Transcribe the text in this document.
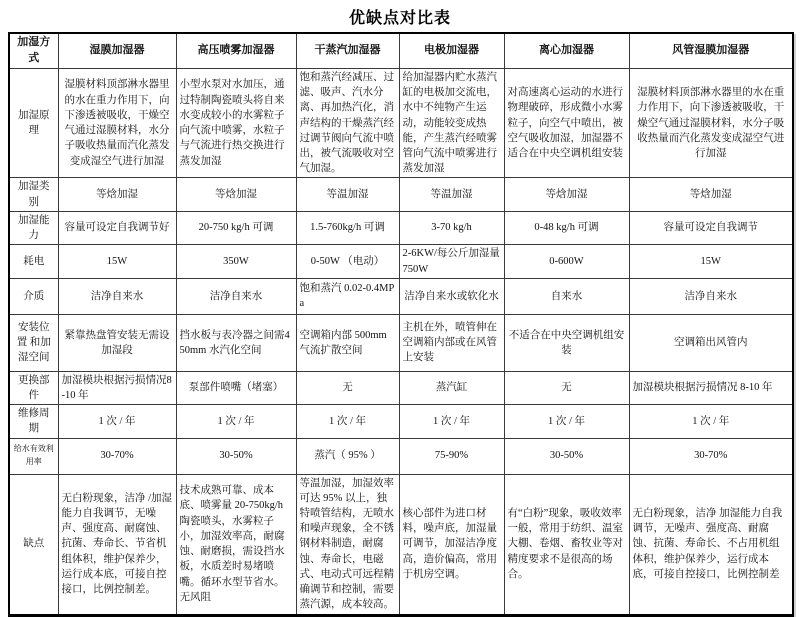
优缺点对比表
加湿方式	湿膜加湿器	高压喷雾加湿器	干蒸汽加湿器	电极加湿器	离心加湿器	风管湿膜加湿器
加湿原理	湿膜材料顶部淋水器里的水在重力作用下，向下渗透被吸收，干燥空气通过湿膜材料，水分子吸收热量而汽化蒸发变成湿空气进行加湿	小型水泵对水加压，通过特制陶瓷喷头将自来水变成较小的水雾粒子向气流中喷雾，水粒子与气流进行热交换进行蒸发加湿	饱和蒸汽经减压、过滤、吸声、汽水分离、再加热汽化，消声结构的干燥蒸汽经过调节阀向气流中喷出，被气流吸收对空气加湿。	给加湿器内贮水蒸汽缸的电极加交流电，水中不纯物产生运动，动能较变成热能，产生蒸汽经喷雾管向气流中喷雾进行蒸发加湿	对高速离心运动的水进行物理破碎，形成微小水雾粒子，向空气中喷出，被空气吸收加湿，加湿器不适合在中央空调机组安装	湿膜材料顶部淋水器里的水在重力作用下，向下渗透被吸收，干燥空气通过湿膜材料，水分子吸收热量而汽化蒸发变成湿空气进行加湿
加湿类别	等焓加湿	等焓加湿	等温加湿	等温加湿	等焓加湿	等焓加湿
加湿能力	容量可设定自我调节好	20-750 kg/h 可调	1.5-760kg/h 可调	3-70 kg/h	0-48 kg/h 可调	容量可设定自我调节
耗电	15W	350W	0-50W （电动）	2-6KW/每公斤加湿量 750W	0-600W	15W
介质	洁净自来水	洁净自来水	饱和蒸汽 0.02-0.4MPa	洁净自来水或软化水	自来水	洁净自来水
安装位置 和加湿空间	紧靠热盘管安装无需设加湿段	挡水板与表冷器之间需450mm 水汽化空间	空调箱内部 500mm 气流扩散空间	主机在外，喷管伸在空调箱内部或在风管上安装	不适合在中央空调机组安装	空调箱出风管内
更换部件	加湿模块根据污损情况8-10 年	泵部件喷嘴（堵塞）	无	蒸汽缸	无	加湿模块根据污损情况 8-10 年
维修周期	1 次 / 年	1 次 / 年	1 次 / 年	1 次 / 年	1 次 / 年	1 次 / 年
给水有效利用率	30-70%	30-50%	蒸汽（ 95% ）	75-90%	30-50%	30-70%
缺点	无白粉现象，洁净 /加湿能力自我调节，无噪声、强度高、耐腐蚀、抗菌、寿命长、节省机组体积，维护保养少，运行成本底，可接自控接口，比例控制差。	技术成熟可靠、成本底、喷雾量 20-750kg/h 陶瓷喷头，水雾粒子小，加湿效率高，耐腐蚀、耐磨损，需设挡水板，水质差时易堵喷嘴。循环水型节省水。无风阻	等温加湿，加湿效率可达 95% 以上，独特喷管结构，无喷水和噪声现象，全不锈钢材料制造，耐腐蚀、寿命长，电磁式、电动式可远程精确调节和控制，需要蒸汽源，成本较高。	核心部件为进口材料，噪声底，加湿量可调节，加湿洁净度高，造价偏高，常用于机房空调。	有“白粉”现象，吸收效率一般，常用于纺织、温室大棚、卷烟、畜牧业等对精度要求不是很高的场合。	无白粉现象，洁净 加湿能力自我调节，无噪声、强度高、耐腐蚀、抗菌、寿命长、不占用机组体积，维护保养少，运行成本底，可接自控接口，比例控制差
